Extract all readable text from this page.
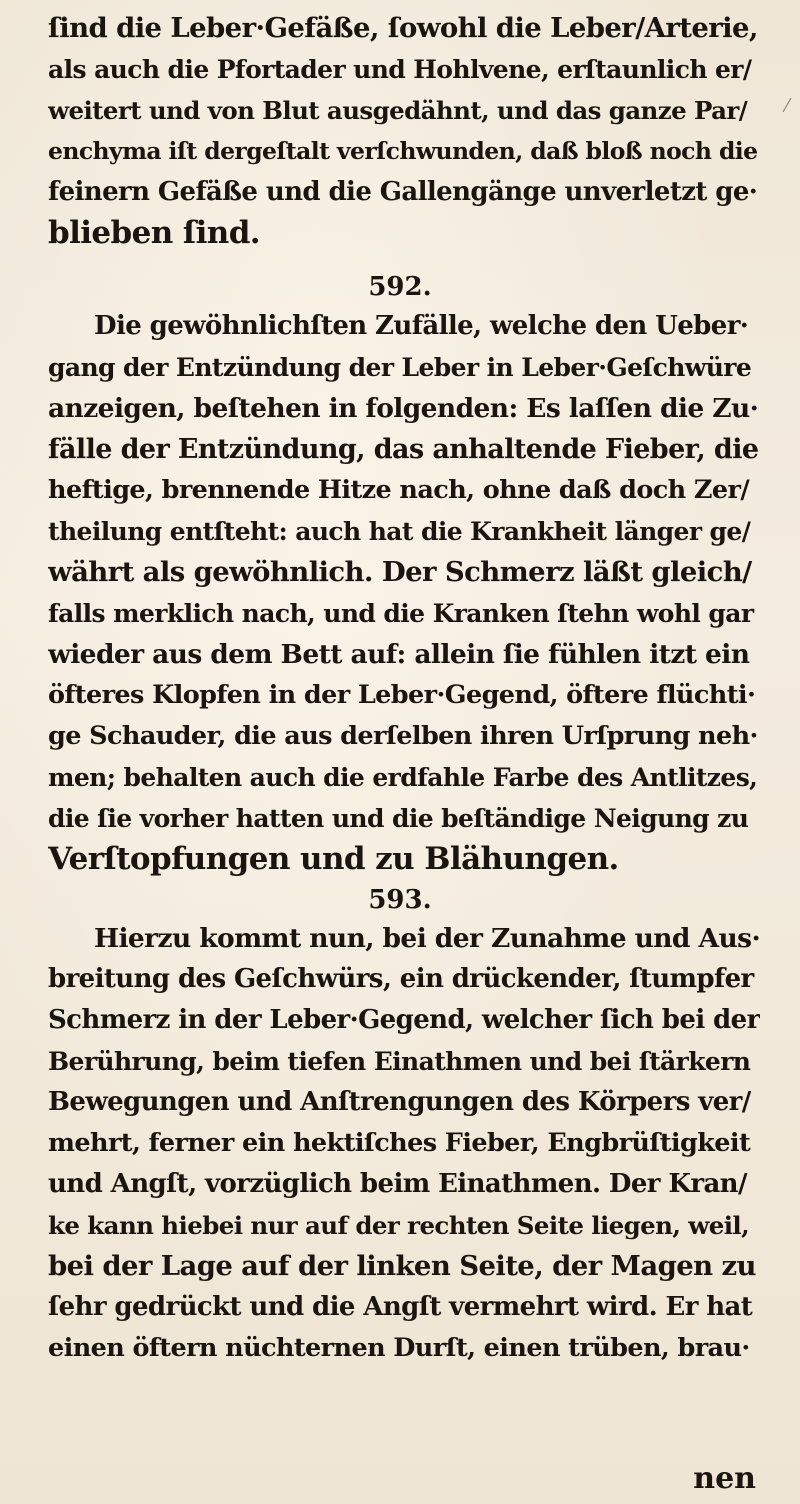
ſind die Leber·Gefäße, ſowohl die Leber/Arterie,
als auch die Pfortader und Hohlvene, erſtaunlich er/
weitert und von Blut ausgedähnt, und das ganze Par/
enchyma iſt dergeſtalt verſchwunden, daß bloß noch die
feinern Gefäße und die Gallengänge unverletzt ge·
blieben ſind.
592.
Die gewöhnlichſten Zufälle, welche den Ueber·
gang der Entzündung der Leber in Leber·Geſchwüre
anzeigen, beſtehen in folgenden: Es laſſen die Zu·
fälle der Entzündung, das anhaltende Fieber, die
heftige, brennende Hitze nach, ohne daß doch Zer/
theilung entſteht: auch hat die Krankheit länger ge/
währt als gewöhnlich. Der Schmerz läßt gleich/
falls merklich nach, und die Kranken ſtehn wohl gar
wieder aus dem Bett auf: allein ſie fühlen itzt ein
öfteres Klopfen in der Leber·Gegend, öftere flüchti·
ge Schauder, die aus derſelben ihren Urſprung neh·
men; behalten auch die erdfahle Farbe des Antlitzes,
die ſie vorher hatten und die beſtändige Neigung zu
Verſtopfungen und zu Blähungen.
593.
Hierzu kommt nun, bei der Zunahme und Aus·
breitung des Geſchwürs, ein drückender, ſtumpfer
Schmerz in der Leber·Gegend, welcher ſich bei der
Berührung, beim tiefen Einathmen und bei ſtärkern
Bewegungen und Anſtrengungen des Körpers ver/
mehrt, ferner ein hektiſches Fieber, Engbrüſtigkeit
und Angſt, vorzüglich beim Einathmen. Der Kran/
ke kann hiebei nur auf der rechten Seite liegen, weil,
bei der Lage auf der linken Seite, der Magen zu
ſehr gedrückt und die Angſt vermehrt wird. Er hat
einen öftern nüchternen Durſt, einen trüben, brau·
nen
